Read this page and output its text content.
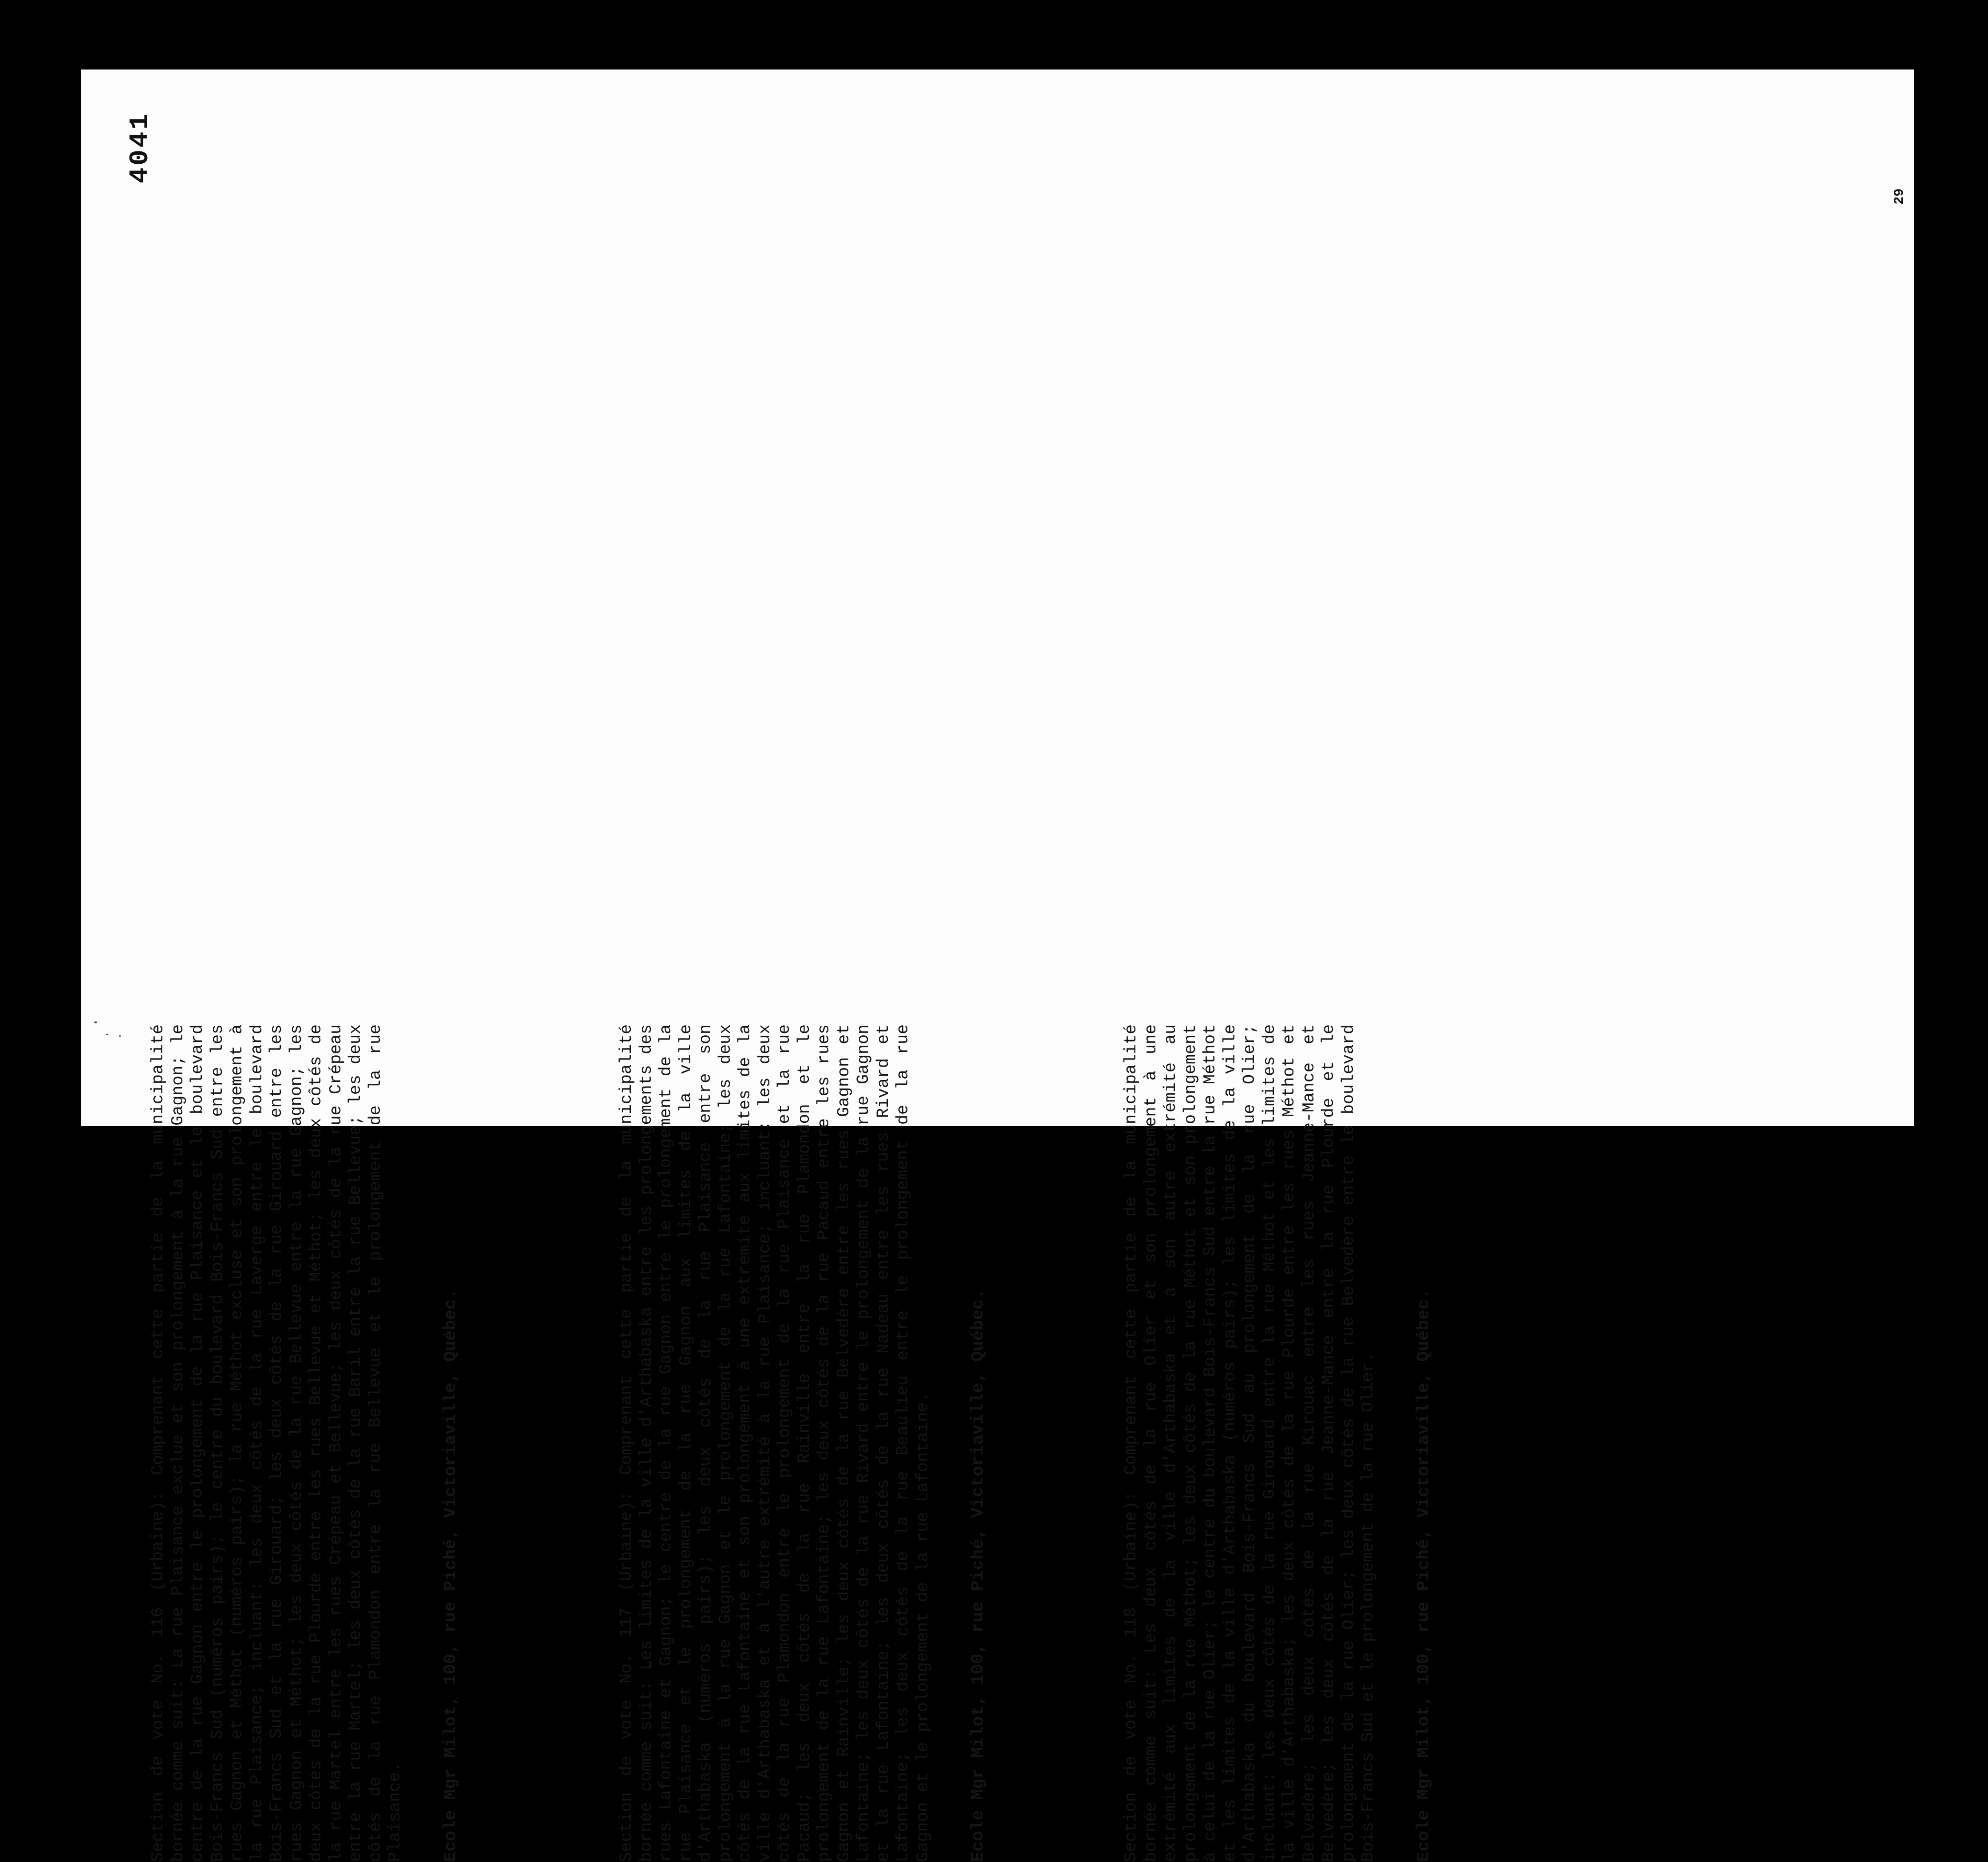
4041
29

Section de vote No. 116 (Urbaine): Comprenant cette partie de la municipalité bornée comme suit: La rue Plaisance exclue et son prolongement à la rue Gagnon; le centre de la rue Gagnon entre le prolongement de la rue Plaisance et le boulevard Bois-Francs Sud (numéros pairs); le centre du boulevard Bois-Francs Sud entre les rues Gagnon et Méthot (numéros pairs); la rue Méthot excluse et son prolongement à la rue Plaisance; incluant: les deux côtés de la rue Laverge entre le boulevard Bois-Francs Sud et la rue Girouard; les deux côtés de la rue Girouard entre les rues Gagnon et Méthot; les deux côtés de la rue Bellevue entre la rue Gagnon; les deux côtés de la rue Plourde entre les rues Bellevue et Méthot; les deux côtés de la rue Martel entre les rues Crépeau et Bellevue; les deux côtés de la rue Crépeau entre la rue Martel; les deux côtés de la rue Baril entre la rue Bellevue; les deux côtés de la rue Plamondon entre la rue Bellevue et le prolongement de la rue Plaisance. Ecole Mgr Milot, 100, rue Piché, Victoriaville, Québec.	Section de vote No. 117 (Urbaine): Comprenant cette partie de la municipalité bornée comme suit: Les limites de la ville d'Arthabaska entre les prolongements des rues Lafontaine et Gagnon; le centre de la rue Gagnon entre le prolongement de la rue Plaisance et le prolongement de la rue Gagnon aux limites de la ville d'Arthabaska (numéros pairs); les deux côtés de la rue Plaisance entre son prolongement à la rue Gagnon et le prolongement de la rue Lafontaine; les deux côtés de la rue Lafontaine et son prolongement à une extrémité aux limites de la ville d'Arthabaska et à l'autre extrémité à la rue Plaisance; incluant: les deux côtés de la rue Plamondon entre le prolongement de la rue Plaisance et la rue Pacaud; les deux côtés de la rue Rainville entre la rue Plamondon et le prolongement de la rue Lafontaine; les deux côtés de la rue Pacaud entre les rues Gagnon et Rainville; les deux côtés de la rue Belvedère entre les rues Gagnon et Lafontaine; les deux côtés de la rue Rivard entre le prolongement de la rue Gagnon et la rue Lafontaine; les deux côtés de la rue Nadeau entre les rues Rivard et Lafontaine; les deux côtés de la rue Beaulieu entre le prolongement de la rue Gagnon et le prolongement de la rue Lafontaine. Ecole Mgr Milot, 100, rue Piché, Victoriaville, Québec.	Section de vote No. 118 (Urbaine): Comprenant cette partie de la municipalité bornée comme suit: Les deux côtés de la rue Olier et son prolongement à une extrémité aux limites de la ville d'Arthabaska et à son autre extrémité au prolongement de la rue Méthot; les deux côtés de la rue Méthot et son prolongement à celui de la rue Olier; le centre du boulevard Bois-Francs Sud entre la rue Méthot et les limites de la ville d'Arthabaska (numéros pairs); les limites de la ville d'Arthabaska du boulevard Bois-Francs Sud au prolongement de la rue Olier; incluant: les deux côtés de la rue Girouard entre la rue Méthot et les limites de la ville d'Arthabaska; les deux côtés de la rue Plourde entre les rues Méthot et Belvedère; les deux côtés de la rue Kirouac entre les rues Jeanne-Mance et Belvedère; les deux côtés de la rue Jeanne-Mance entre la rue Plourde et le prolongement de la rue Olier; les deux côtés de la rue Belvedère entre le boulevard Bois-Francs Sud et le prolongement de la rue Olier. Ecole Mgr Milot, 100, rue Piché, Victoriaville, Québec.
